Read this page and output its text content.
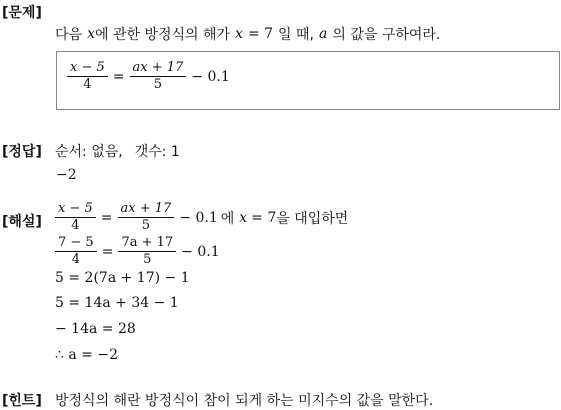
[문제]
다음 x 에 관한 방정식의 해가 x = 7 일 때, a 의 값을 구하여라.
$\frac{x - 5}{4} = \frac{ax + 17}{5} - 0.1$
[정답] 순서: 없음, 갯수: 1
−2
[해설] $\frac{x - 5}{4} = \frac{ax + 17}{5} - 0.1$ 에 x = 7 을 대입하면
$\frac{7 - 5}{4} = \frac{7a + 17}{5} - 0.1$
5 = 2(7a + 17) − 1
5 = 14a + 34 − 1
− 14a = 28
∴ a = −2
[힌트] 방정식의 해란 방정식이 참이 되게 하는 미지수의 값을 말한다.
